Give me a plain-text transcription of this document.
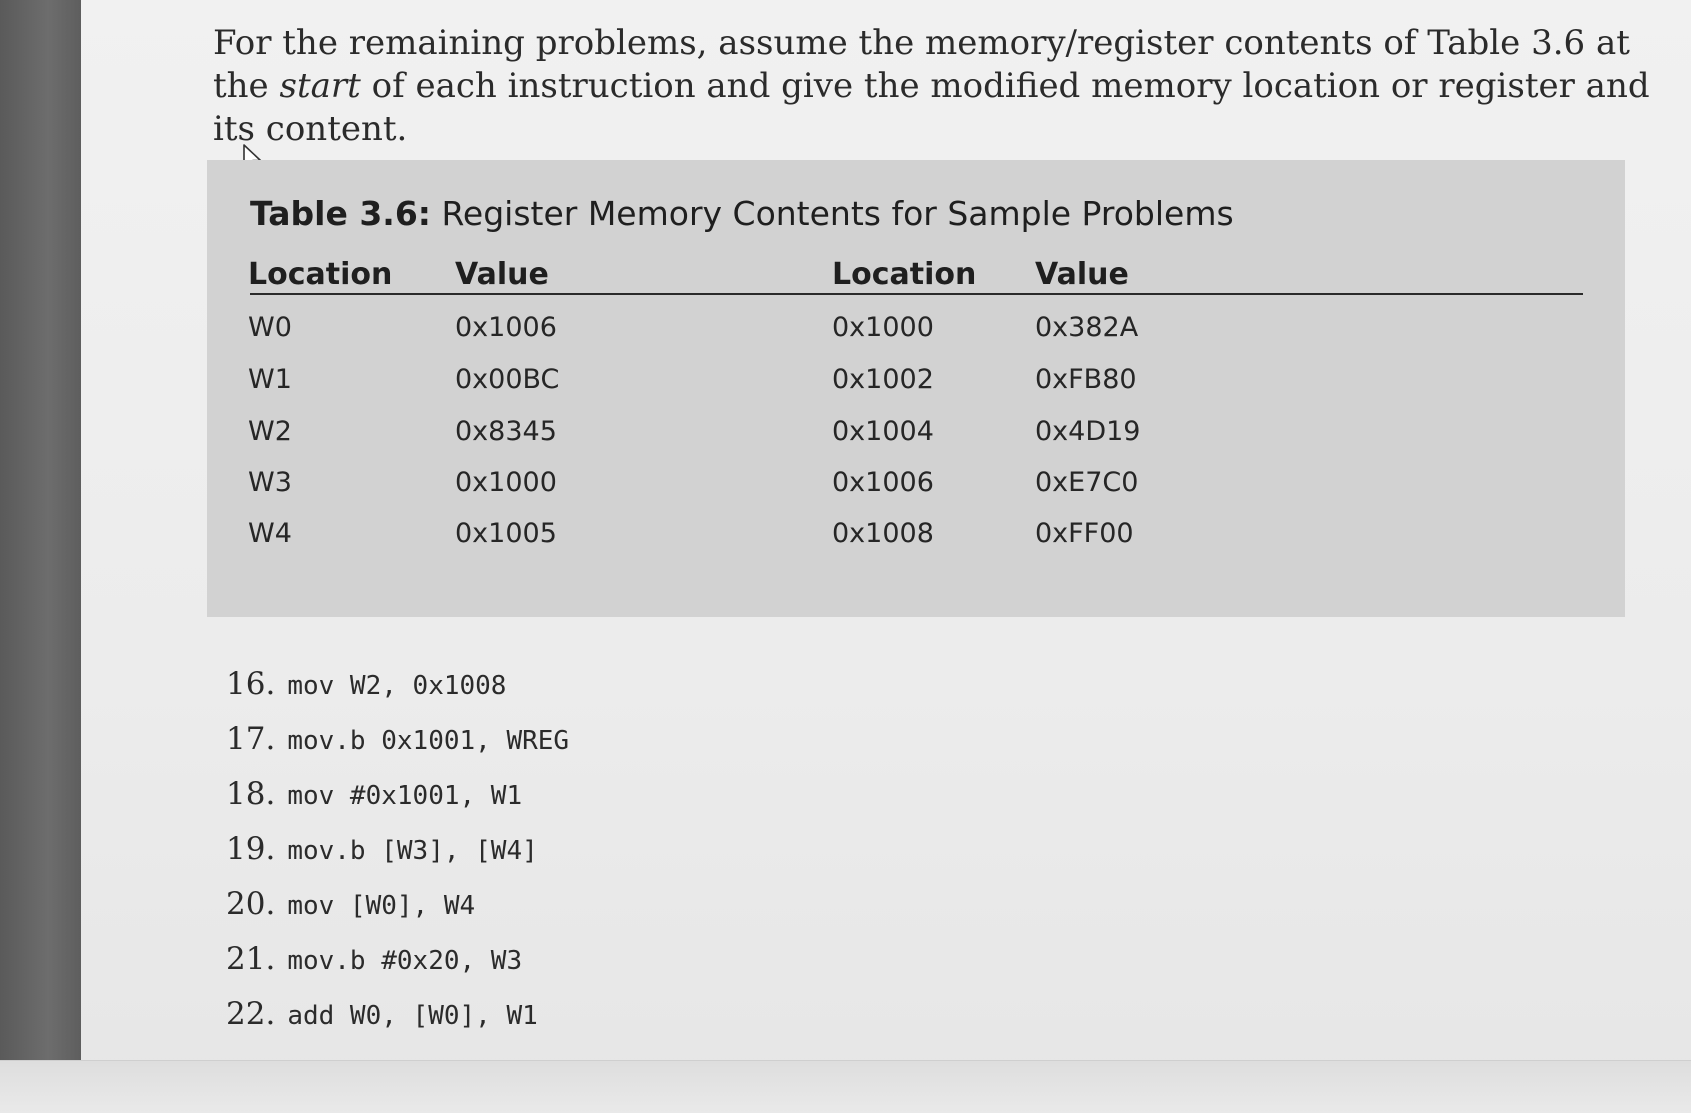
For the remaining problems, assume the memory/register contents of Table 3.6 at the start of each instruction and give the modified memory location or register and its content.

Table 3.6: Register Memory Contents for Sample Problems
Location Value	Location Value
W0	0x1006	0x1000	0x382A
W1	0x00BC	0x1002	0xFB80
W2	0x8345	0x1004	0x4D19
W3	0x1000	0x1006	0xE7C0
W4	0x1005	0x1008	0xFF00
16. mov W2, 0x1008
17. mov.b 0x1001, WREG
18. mov #0x1001, W1
19. mov.b [W3], [W4]
20. mov [W0], W4
21. mov.b #0x20, W3
22. add W0, [W0], W1
